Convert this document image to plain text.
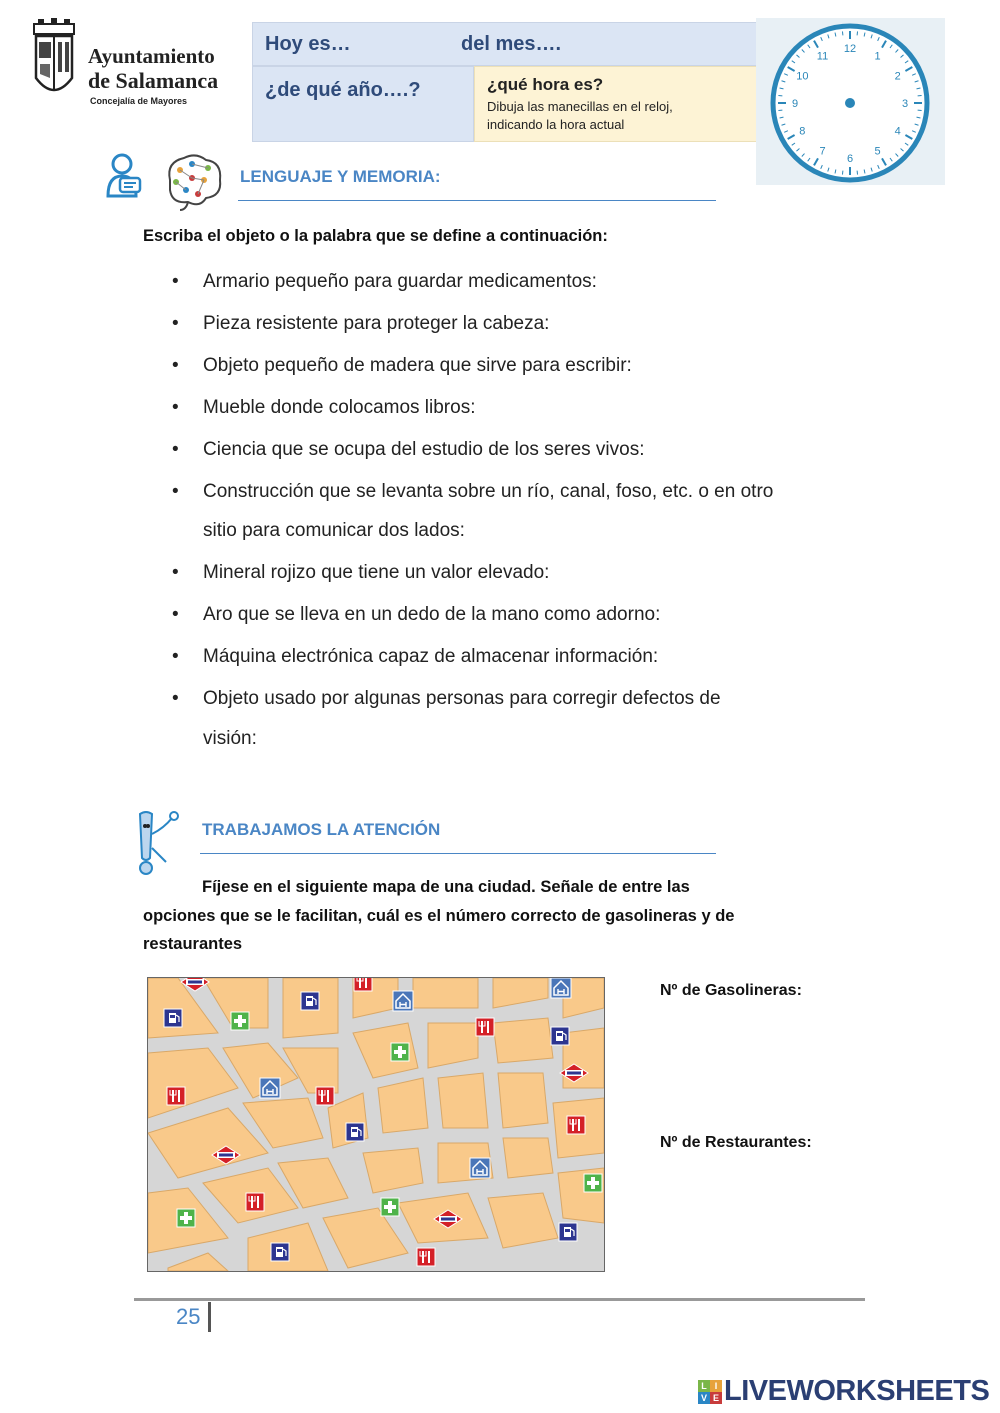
Ayuntamiento
de Salamanca
Concejalía de Mayores
Hoy es…	del mes….
¿de qué año….?	¿qué hora es?
Dibuja las manecillas en el reloj,
indicando la hora actual
12
1
2
3
4
5
6
7
8
9
10
11
LENGUAJE Y MEMORIA:
Escriba el objeto o la palabra que se define a continuación:
• Armario pequeño para guardar medicamentos:
• Pieza resistente para proteger la cabeza:
• Objeto pequeño de madera que sirve para escribir:
• Mueble donde colocamos libros:
• Ciencia que se ocupa del estudio de los seres vivos:
• Construcción que se levanta sobre un río, canal, foso, etc. o en otro
sitio para comunicar dos lados:
• Mineral rojizo que tiene un valor elevado:
• Aro que se lleva en un dedo de la mano como adorno:
• Máquina electrónica capaz de almacenar información:
• Objeto usado por algunas personas para corregir defectos de
visión:
TRABAJAMOS LA ATENCIÓN
Fíjese en el siguiente mapa de una ciudad. Señale de entre las
opciones que se le facilitan, cuál es el número correcto de gasolineras y de
restaurantes
Nº de Gasolineras:
Nº de Restaurantes:
25
L I
V E LIVEWORKSHEETS
